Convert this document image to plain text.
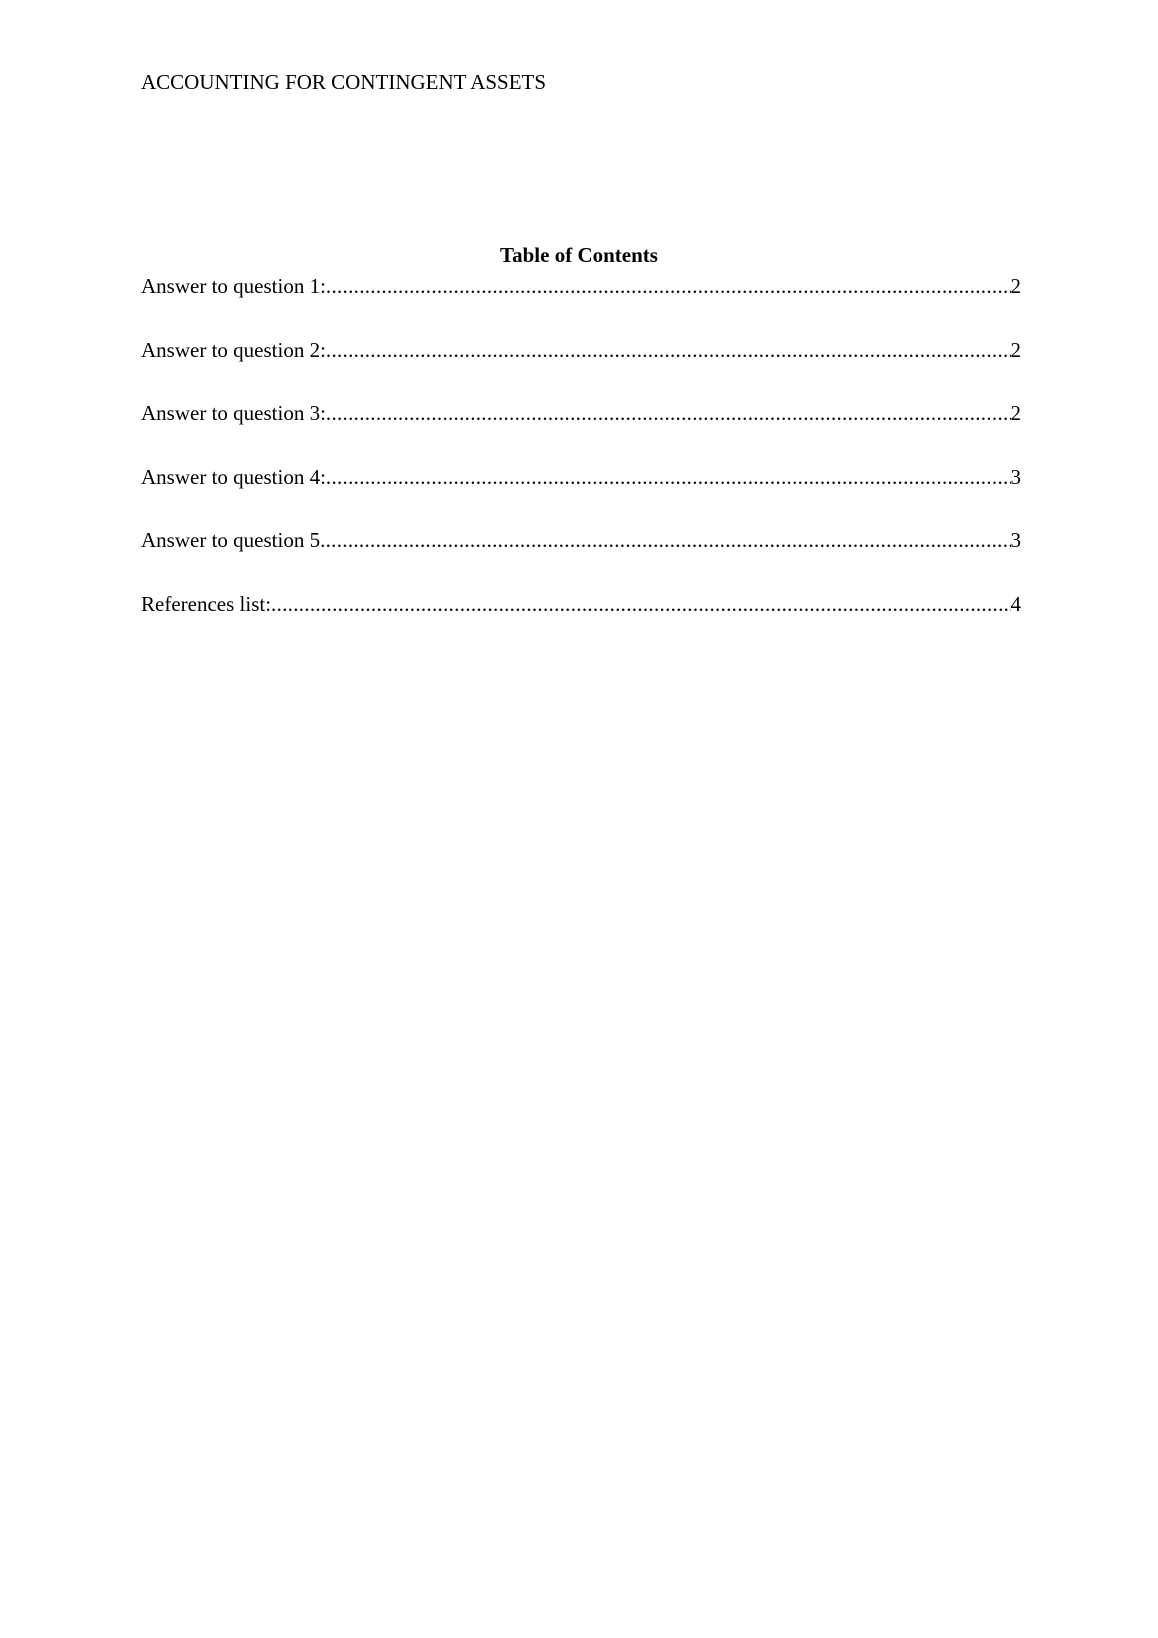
ACCOUNTING FOR CONTINGENT ASSETS
Table of Contents
Answer to question 1: .....	2
Answer to question 2: .....	2
Answer to question 3: .....	2
Answer to question 4: .....	3
Answer to question 5 .....	3
References list: .....	4
